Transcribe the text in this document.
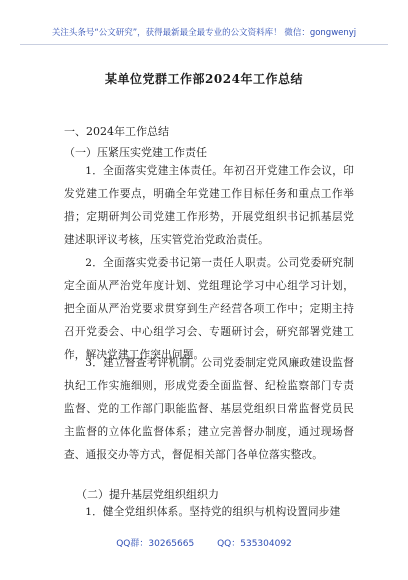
关注头条号“公文研究”，获得最新最全最专业的公文资料库！ 微信：gongwenyj
某单位党群工作部2024年工作总结
一、2024年工作总结
（一）压紧压实党建工作责任

1．全面落实党建主体责任。年初召开党建工作会议，印发党建工作要点，明确全年党建工作目标任务和重点工作举措；定期研判公司党建工作形势，开展党组织书记抓基层党建述职评议考核，压实管党治党政治责任。

2．全面落实党委书记第一责任人职责。公司党委研究制定全面从严治党年度计划、党组理论学习中心组学习计划，把全面从严治党要求贯穿到生产经营各项工作中；定期主持召开党委会、中心组学习会、专题研讨会，研究部署党建工作，解决党建工作突出问题。

3．建立督查考评机制。公司党委制定党风廉政建设监督执纪工作实施细则，形成党委全面监督、纪检监察部门专责监督、党的工作部门职能监督、基层党组织日常监督党员民主监督的立体化监督体系；建立完善督办制度，通过现场督查、通报交办等方式，督促相关部门各单位落实整改。

（二）提升基层党组织组织力

1．健全党组织体系。坚持党的组织与机构设置同步建

QQ群：30265665	QQ：535304092
